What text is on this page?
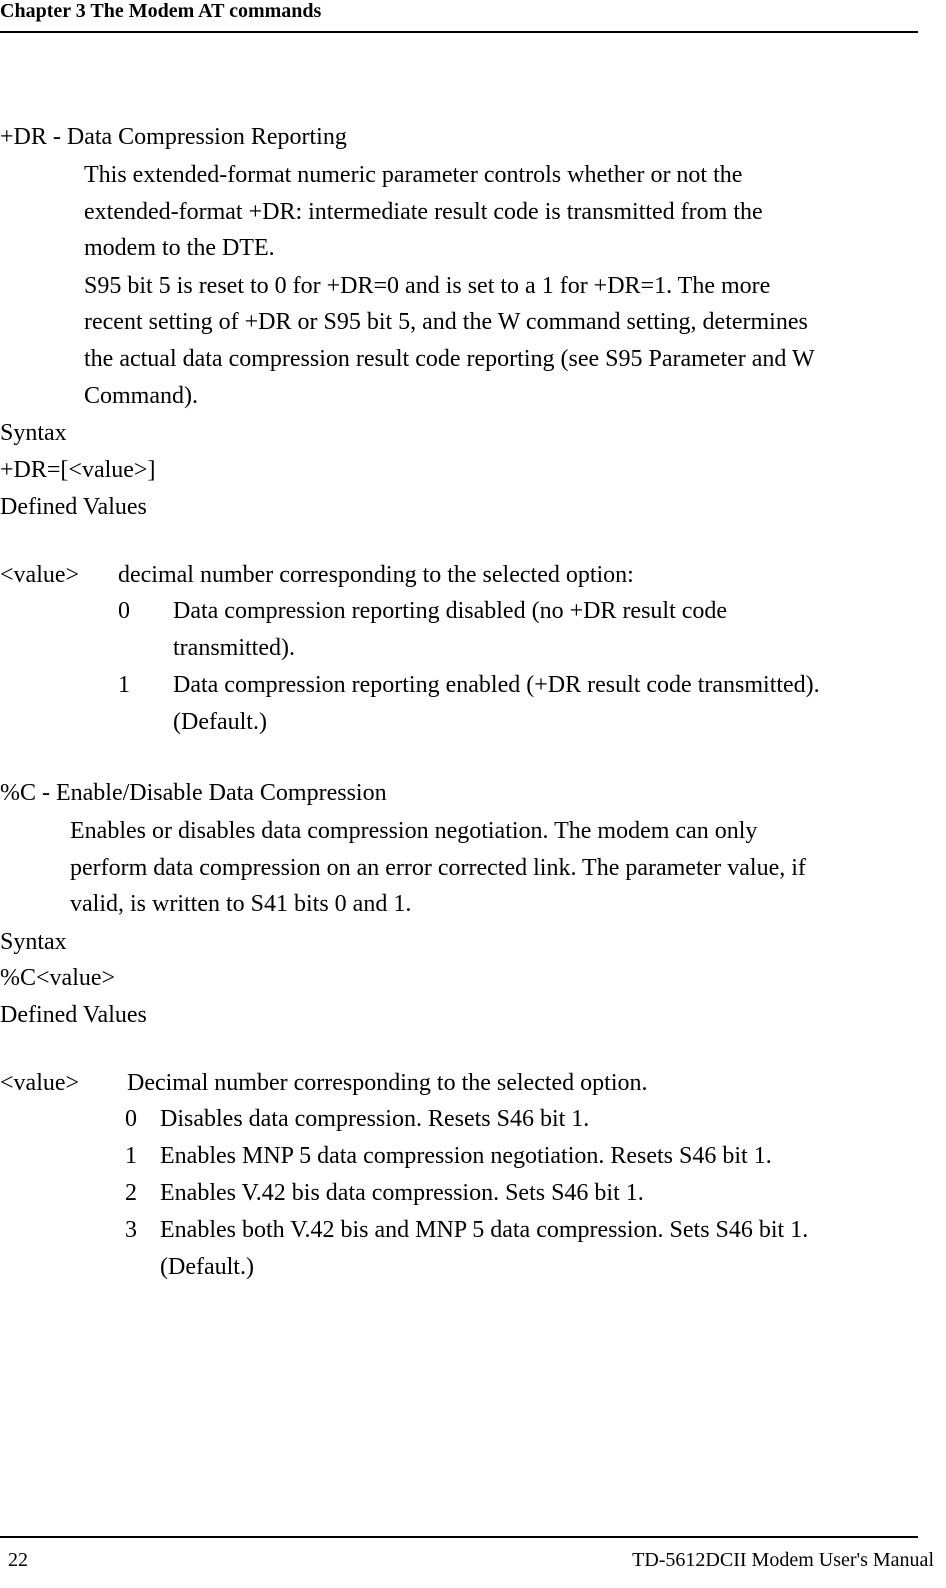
Chapter 3 The Modem AT commands
+DR - Data Compression Reporting
This extended-format numeric parameter controls whether or not the
extended-format +DR: intermediate result code is transmitted from the
modem to the DTE.
S95 bit 5 is reset to 0 for +DR=0 and is set to a 1 for +DR=1. The more
recent setting of +DR or S95 bit 5, and the W command setting, determines
the actual data compression result code reporting (see S95 Parameter and W
Command).
Syntax
+DR=[<value>]
Defined Values
<value> decimal number corresponding to the selected option:
0 Data compression reporting disabled (no +DR result code
transmitted).
1 Data compression reporting enabled (+DR result code transmitted).
(Default.)
%C - Enable/Disable Data Compression
Enables or disables data compression negotiation. The modem can only
perform data compression on an error corrected link. The parameter value, if
valid, is written to S41 bits 0 and 1.
Syntax
%C<value>
Defined Values
<value> Decimal number corresponding to the selected option.
0 Disables data compression. Resets S46 bit 1.
1 Enables MNP 5 data compression negotiation. Resets S46 bit 1.
2 Enables V.42 bis data compression. Sets S46 bit 1.
3 Enables both V.42 bis and MNP 5 data compression. Sets S46 bit 1.
(Default.)
22	TD-5612DCII Modem User's Manual
